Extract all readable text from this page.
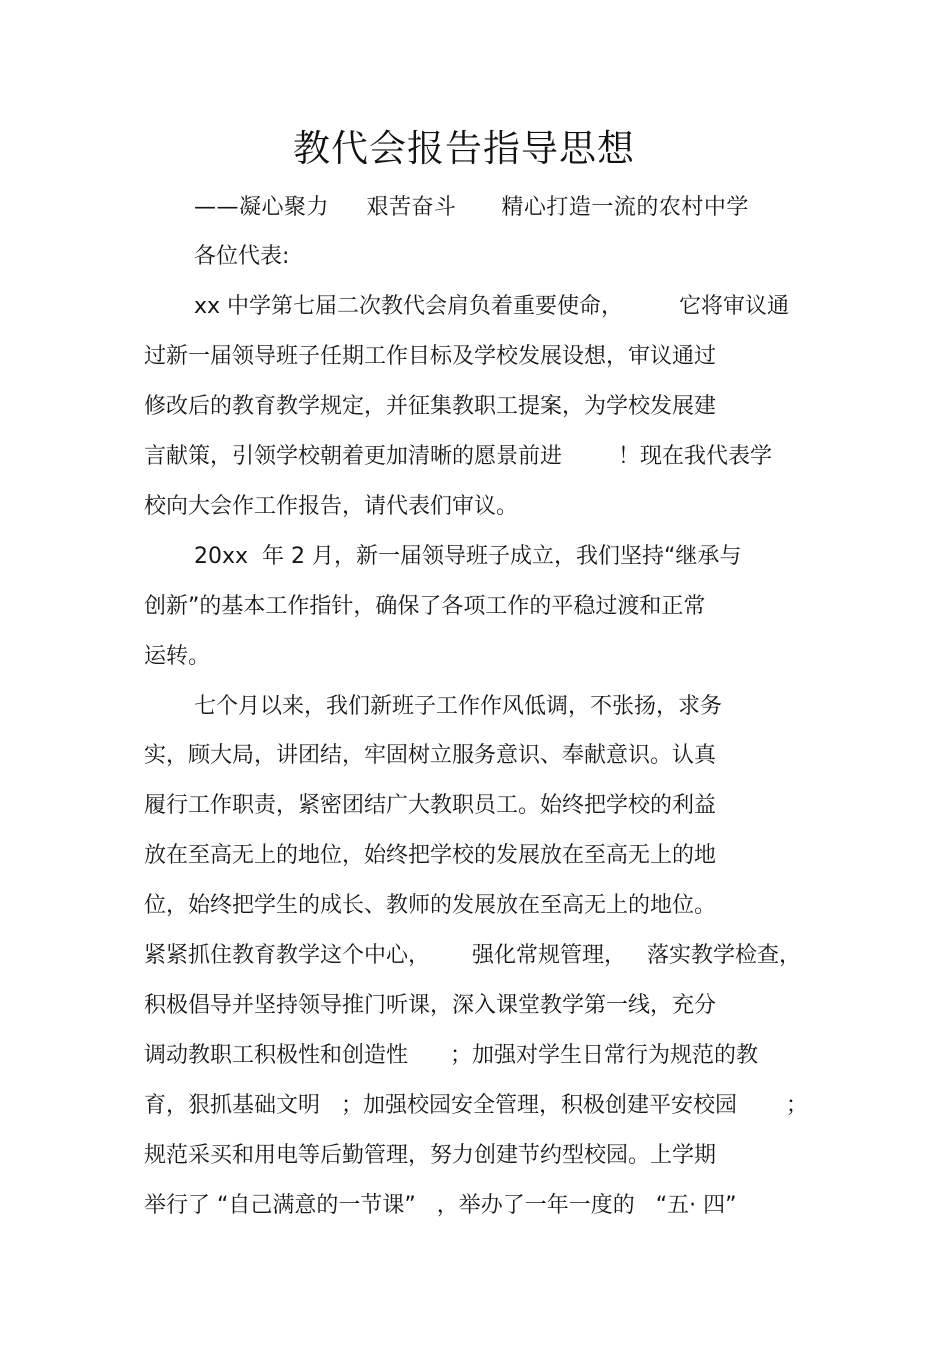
教代会报告指导思想
——凝心聚力     艰苦奋斗      精心打造一流的农村中学
各位代表:
xx 中学第七届二次教代会肩负着重要使命，        它将审议通
过新一届领导班子任期工作目标及学校发展设想，审议通过
修改后的教育教学规定，并征集教职工提案，为学校发展建
言献策，引领学校朝着更加清晰的愿景前进        ！现在我代表学
校向大会作工作报告，请代表们审议。
20xx  年 2 月，新一届领导班子成立，我们坚持“继承与
创新”的基本工作指针，确保了各项工作的平稳过渡和正常
运转。
七个月以来，我们新班子工作作风低调，不张扬，求务
实，顾大局，讲团结，牢固树立服务意识、奉献意识。认真
履行工作职责，紧密团结广大教职员工。始终把学校的利益
放在至高无上的地位，始终把学校的发展放在至高无上的地
位，始终把学生的成长、教师的发展放在至高无上的地位。
紧紧抓住教育教学这个中心，      强化常规管理，   落实教学检查，
积极倡导并坚持领导推门听课，深入课堂教学第一线，充分
调动教职工积极性和创造性      ；加强对学生日常行为规范的教
育，狠抓基础文明   ；加强校园安全管理，积极创建平安校园       ；
规范采买和用电等后勤管理，努力创建节约型校园。上学期
举行了 “自己满意的一节课”   ，举办了一年一度的   “五· 四”
